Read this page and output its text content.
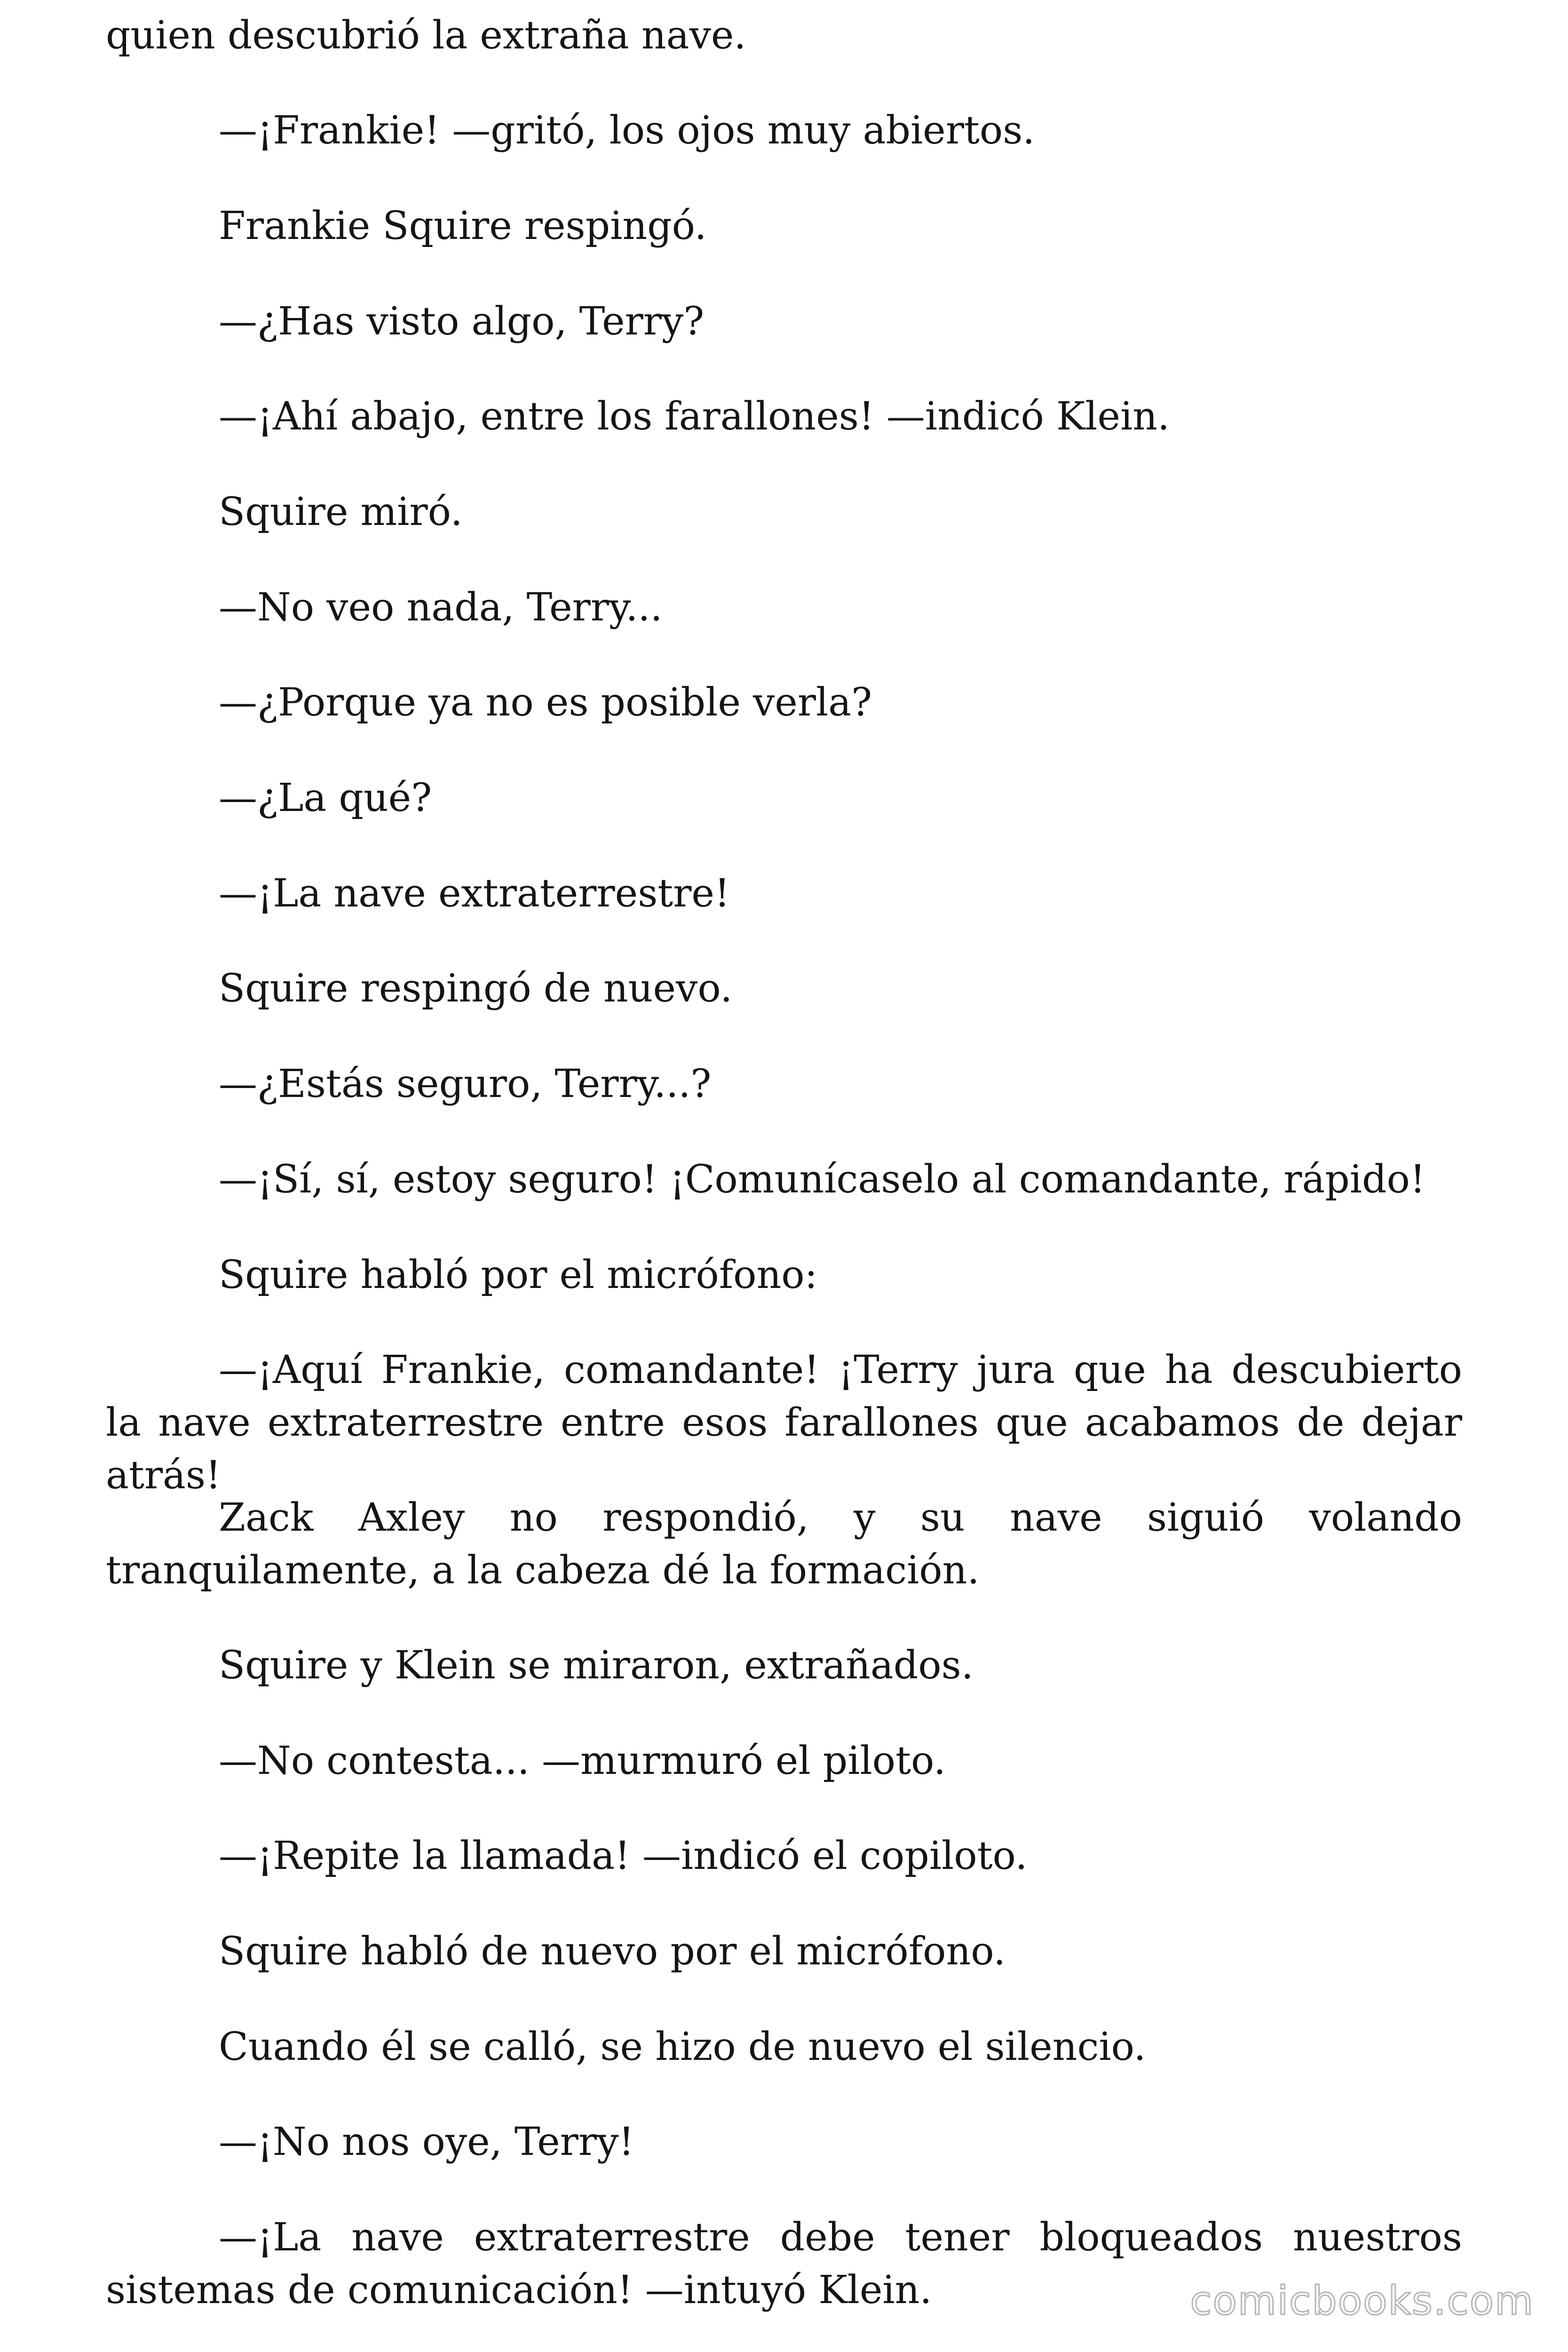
quien descubrió la extraña nave.

—¡Frankie! —gritó, los ojos muy abiertos.

Frankie Squire respingó.

—¿Has visto algo, Terry?

—¡Ahí abajo, entre los farallones! —indicó Klein.

Squire miró.

—No veo nada, Terry...

—¿Porque ya no es posible verla?

—¿La qué?

—¡La nave extraterrestre!

Squire respingó de nuevo.

—¿Estás seguro, Terry...?

—¡Sí, sí, estoy seguro! ¡Comunícaselo al comandante, rápido!

Squire habló por el micrófono:

—¡Aquí Frankie, comandante! ¡Terry jura que ha descubierto la nave extraterrestre entre esos farallones que acabamos de dejar atrás!

Zack Axley no respondió, y su nave siguió volando tranquilamente, a la cabeza dé la formación.

Squire y Klein se miraron, extrañados.

—No contesta... —murmuró el piloto.

—¡Repite la llamada! —indicó el copiloto.

Squire habló de nuevo por el micrófono.

Cuando él se calló, se hizo de nuevo el silencio.

—¡No nos oye, Terry!

—¡La nave extraterrestre debe tener bloqueados nuestros sistemas de comunicación! —intuyó Klein.	comicbooks.com
